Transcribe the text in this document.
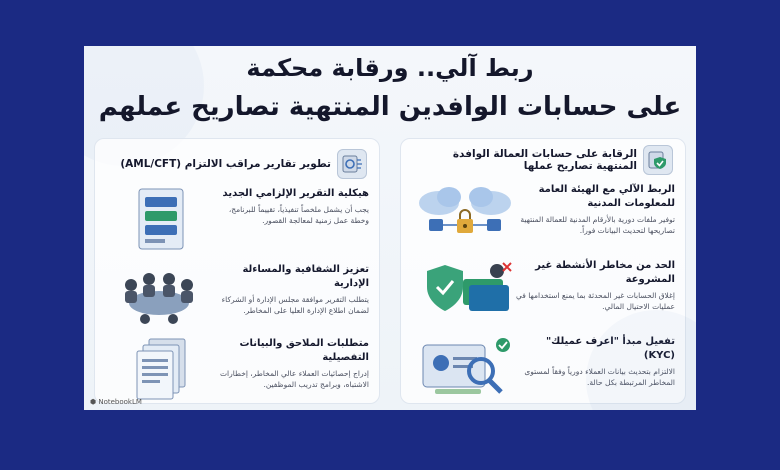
ربط آلي.. ورقابة محكمة
على حسابات الوافدين المنتهية تصاريح عملهم
الرقابة على حسابات العمالة الوافدة المنتهية تصاريح عملها
الربط الآلي مع الهيئة العامة للمعلومات المدنية
توفير ملفات دورية بالأرقام المدنية للعمالة المنتهية تصاريحها لتحديث البيانات فوراً.
الحد من مخاطر الأنشطة غير المشروعة
إغلاق الحسابات غير المحدثة بما يمنع استخدامها في عمليات الاحتيال المالي.
تفعيل مبدأ "اعرف عميلك" (KYC)
الالتزام بتحديث بيانات العملاء دورياً وفقاً لمستوى المخاطر المرتبطة بكل حالة.
تطوير تقارير مراقب الالتزام (AML/CFT)
هيكلية التقرير الإلزامي الجديد
يجب أن يشمل ملخصاً تنفيذياً، تقييماً للبرنامج، وخطة عمل زمنية لمعالجة القصور.
تعزيز الشفافية والمساءلة الإدارية
يتطلب التقرير موافقة مجلس الإدارة أو الشركاء لضمان اطلاع الإدارة العليا على المخاطر.
متطلبات الملاحق والبيانات التفصيلية
إدراج إحصائيات العملاء عالي المخاطر، إخطارات الاشتباه، وبرامج تدريب الموظفين.
⬢ NotebookLM
